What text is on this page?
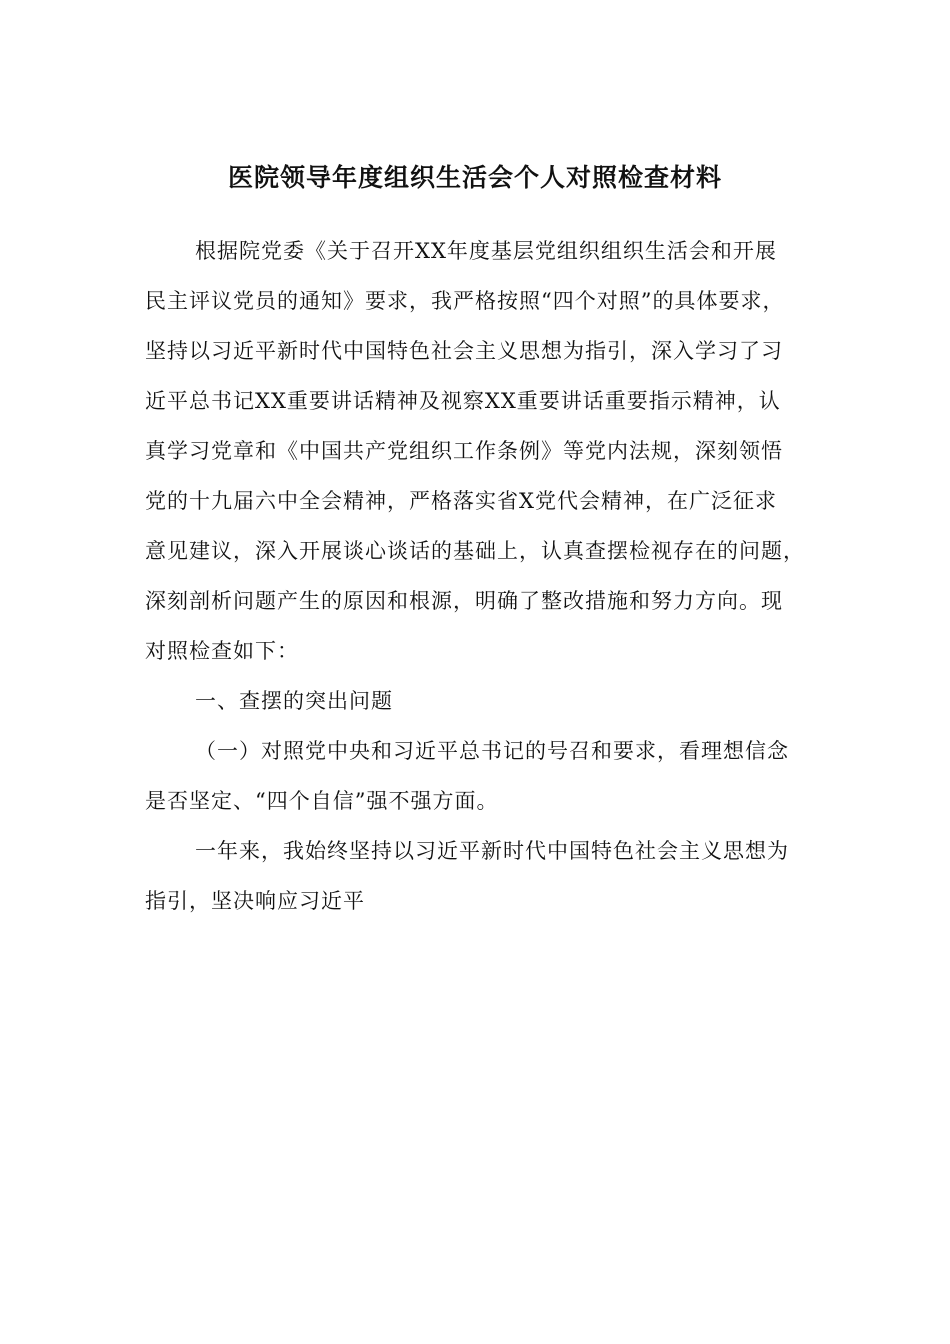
医院领导年度组织生活会个人对照检查材料
根据院党委《关于召开XX年度基层党组织组织生活会和开展
民主评议党员的通知》要求，我严格按照“四个对照”的具体要求，
坚持以习近平新时代中国特色社会主义思想为指引，深入学习了习
近平总书记XX重要讲话精神及视察XX重要讲话重要指示精神，认
真学习党章和《中国共产党组织工作条例》等党内法规，深刻领悟
党的十九届六中全会精神，严格落实省X党代会精神，在广泛征求
意见建议，深入开展谈心谈话的基础上，认真查摆检视存在的问题，
深刻剖析问题产生的原因和根源，明确了整改措施和努力方向。现
对照检查如下：
一、查摆的突出问题
（一）对照党中央和习近平总书记的号召和要求，看理想信念
是否坚定、“四个自信”强不强方面。
一年来，我始终坚持以习近平新时代中国特色社会主义思想为
指引，坚决响应习近平
